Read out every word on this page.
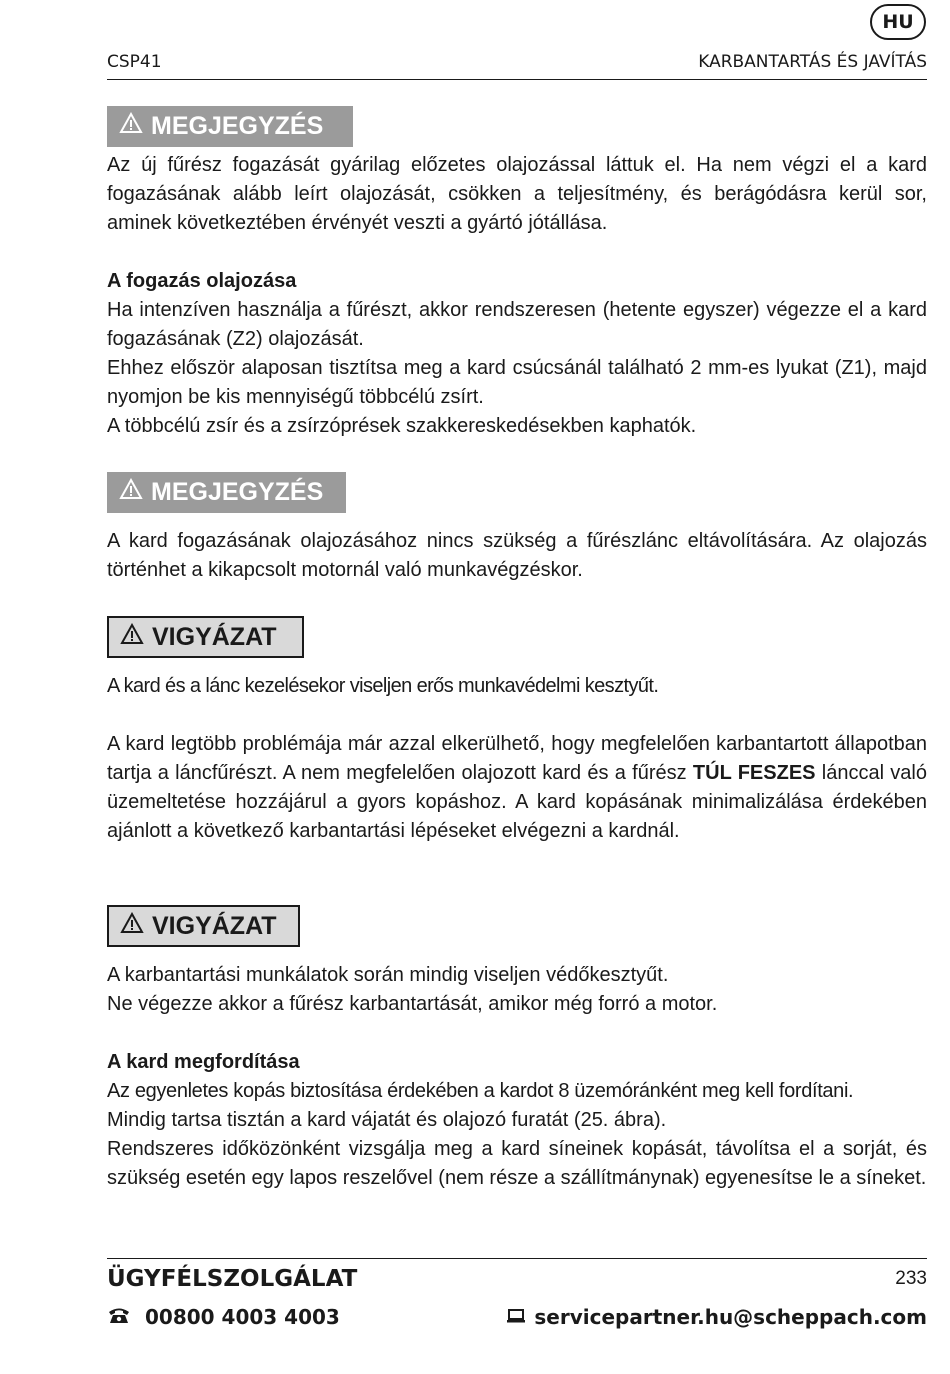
HU
CSP41	KARBANTARTÁS ÉS JAVÍTÁS
MEGJEGYZÉS
Az új fűrész fogazását gyárilag előzetes olajozással láttuk el. Ha nem végzi el a kard fogazásának alább leírt olajozását, csökken a teljesítmény, és berágódásra kerül sor, aminek következtében érvényét veszti a gyártó jótállása.

A fogazás olajozása

Ha intenzíven használja a fűrészt, akkor rendszeresen (hetente egyszer) végezze el a kard fogazásának (Z2) olajozását.

Ehhez először alaposan tisztítsa meg a kard csúcsánál található 2 mm-es lyukat (Z1), majd nyomjon be kis mennyiségű többcélú zsírt.

A többcélú zsír és a zsírzóprések szakkereskedésekben kaphatók.

MEGJEGYZÉS
A kard fogazásának olajozásához nincs szükség a fűrészlánc eltávolítására. Az olajozás történhet a kikapcsolt motornál való munkavégzéskor.
VIGYÁZAT
A kard és a lánc kezelésekor viseljen erős munkavédelmi kesztyűt.
A kard legtöbb problémája már azzal elkerülhető, hogy megfelelően karbantartott állapotban tartja a láncfűrészt. A nem megfelelően olajozott kard és a fűrész TÚL FESZES lánccal való üzemeltetése hozzájárul a gyors kopáshoz. A kard kopásának minimalizálása érdekében ajánlott a következő karbantartási lépéseket elvégezni a kardnál.
VIGYÁZAT

A karbantartási munkálatok során mindig viseljen védőkesztyűt.

Ne végezze akkor a fűrész karbantartását, amikor még forró a motor.

A kard megfordítása

Az egyenletes kopás biztosítása érdekében a kardot 8 üzemóránként meg kell fordítani.

Mindig tartsa tisztán a kard vájatát és olajozó furatát (25. ábra).

Rendszeres időközönként vizsgálja meg a kard síneinek kopását, távolítsa el a sorját, és szükség esetén egy lapos reszelővel (nem része a szállítmánynak) egyenesítse le a síneket.

ÜGYFÉLSZOLGÁLAT	233
00800 4003 4003	servicepartner.hu@scheppach.com
